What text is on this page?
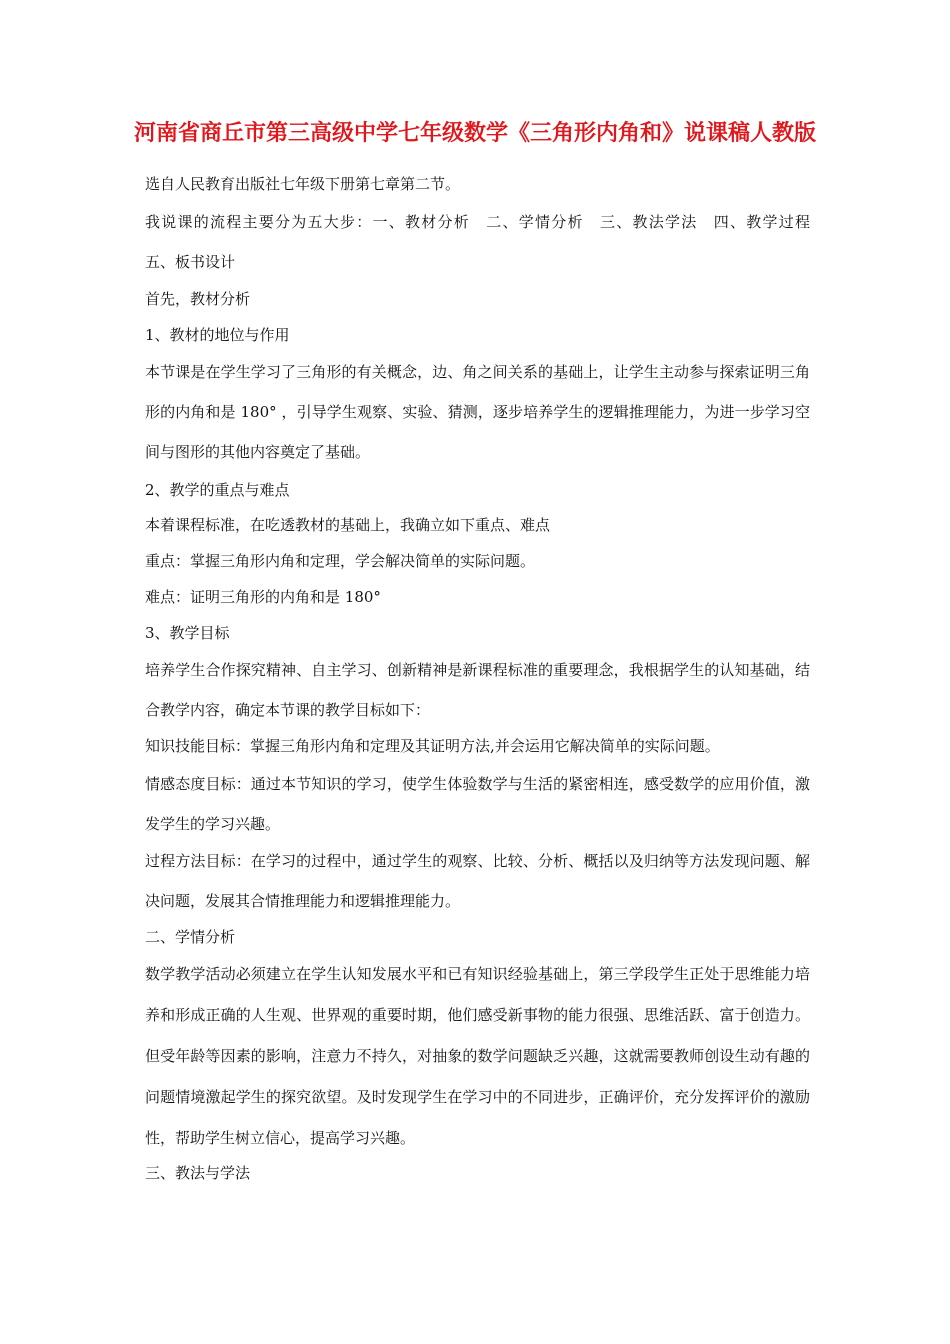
河南省商丘市第三高级中学七年级数学《三角形内角和》说课稿人教版
选自人民教育出版社七年级下册第七章第二节。
我说课的流程主要分为五大步：一、教材分析　二、学情分析　三、教法学法　四、教学过程　　五、板书设计
首先，教材分析
1、教材的地位与作用
本节课是在学生学习了三角形的有关概念，边、角之间关系的基础上，让学生主动参与探索证明三角形的内角和是 180° ，引导学生观察、实验、猜测，逐步培养学生的逻辑推理能力，为进一步学习空间与图形的其他内容奠定了基础。
2、教学的重点与难点
本着课程标准，在吃透教材的基础上，我确立如下重点、难点
重点：掌握三角形内角和定理，学会解决简单的实际问题。
难点：证明三角形的内角和是 180°
3、教学目标
培养学生合作探究精神、自主学习、创新精神是新课程标准的重要理念，我根据学生的认知基础，结合教学内容，确定本节课的教学目标如下：
知识技能目标：掌握三角形内角和定理及其证明方法,并会运用它解决简单的实际问题。
情感态度目标：通过本节知识的学习，使学生体验数学与生活的紧密相连，感受数学的应用价值，激发学生的学习兴趣。
过程方法目标：在学习的过程中，通过学生的观察、比较、分析、概括以及归纳等方法发现问题、解决问题，发展其合情推理能力和逻辑推理能力。
二、学情分析
数学教学活动必须建立在学生认知发展水平和已有知识经验基础上，第三学段学生正处于思维能力培养和形成正确的人生观、世界观的重要时期，他们感受新事物的能力很强、思维活跃、富于创造力。但受年龄等因素的影响，注意力不持久，对抽象的数学问题缺乏兴趣，这就需要教师创设生动有趣的问题情境激起学生的探究欲望。及时发现学生在学习中的不同进步，正确评价，充分发挥评价的激励性，帮助学生树立信心，提高学习兴趣。
三、教法与学法
